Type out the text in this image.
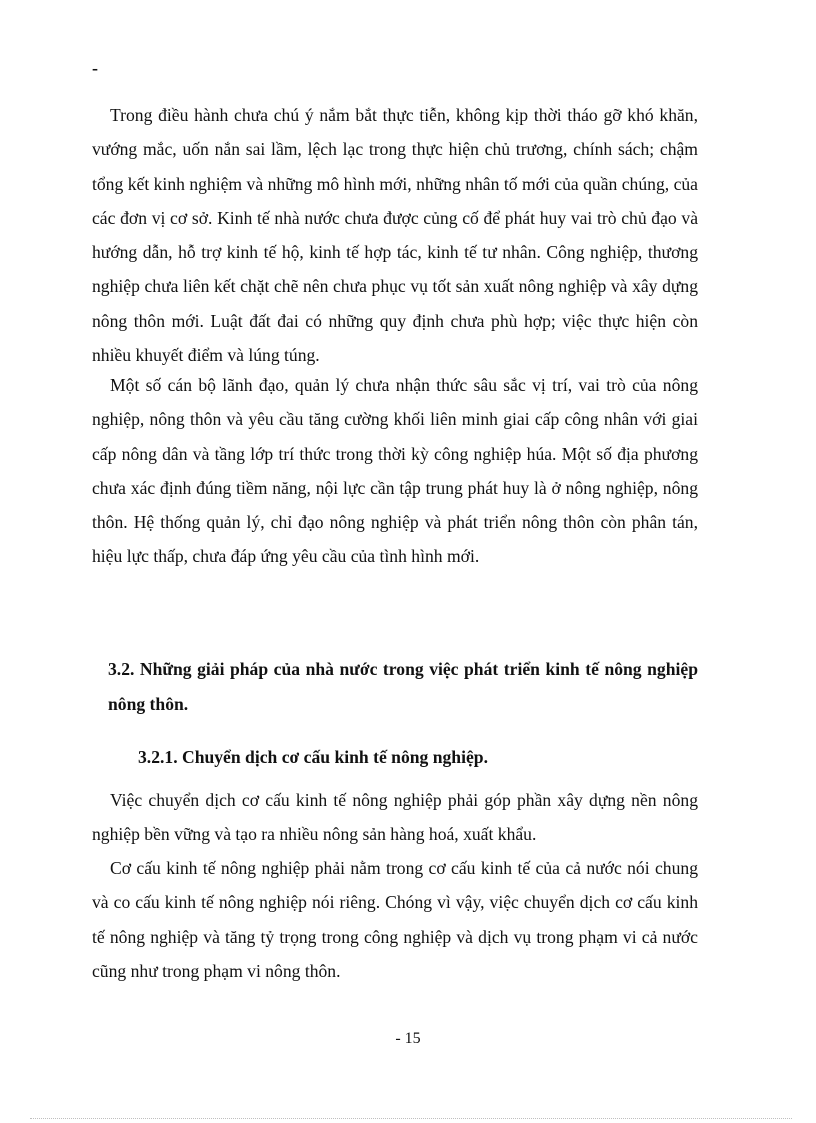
-

Trong điều hành chưa chú ý nắm bắt thực tiễn, không kịp thời tháo gỡ khó khăn, vướng mắc, uốn nắn sai lầm, lệch lạc trong thực hiện chủ trương, chính sách; chậm tổng kết kinh nghiệm và những mô hình mới, những nhân tố mới của quần chúng, của các đơn vị cơ sở. Kinh tế nhà nước chưa được củng cố để phát huy vai trò chủ đạo và hướng dẫn, hỗ trợ kinh tế hộ, kinh tế hợp tác, kinh tế tư nhân. Công nghiệp, thương nghiệp chưa liên kết chặt chẽ nên chưa phục vụ tốt sản xuất nông nghiệp và xây dựng nông thôn mới. Luật đất đai có những quy định chưa phù hợp; việc thực hiện còn nhiều khuyết điểm và lúng túng.

Một số cán bộ lãnh đạo, quản lý chưa nhận thức sâu sắc vị trí, vai trò của nông nghiệp, nông thôn và yêu cầu tăng cường khối liên minh giai cấp công nhân với giai cấp nông dân và tầng lớp trí thức trong thời kỳ công nghiệp húa. Một số địa phương chưa xác định đúng tiềm năng, nội lực cần tập trung phát huy là ở nông nghiệp, nông thôn. Hệ thống quản lý, chỉ đạo nông nghiệp và phát triển nông thôn còn phân tán, hiệu lực thấp, chưa đáp ứng yêu cầu của tình hình mới.

3.2. Những giải pháp của nhà nước trong việc phát triển kinh tế nông nghiệp nông thôn.

3.2.1. Chuyển dịch cơ cấu kinh tế nông nghiệp.

Việc chuyển dịch cơ cấu kinh tế nông nghiệp phải góp phần xây dựng nền nông nghiệp bền vững và tạo ra nhiều nông sản hàng hoá, xuất khẩu.

Cơ cấu kinh tế nông nghiệp phải nằm trong cơ cấu kinh tế của cả nước nói chung và co cấu kinh tế nông nghiệp nói riêng. Chóng vì vậy, việc chuyển dịch cơ cấu kinh tế nông nghiệp và tăng tỷ trọng trong công nghiệp và dịch vụ trong phạm vi cả nước cũng như trong phạm vi nông thôn.

- 15
